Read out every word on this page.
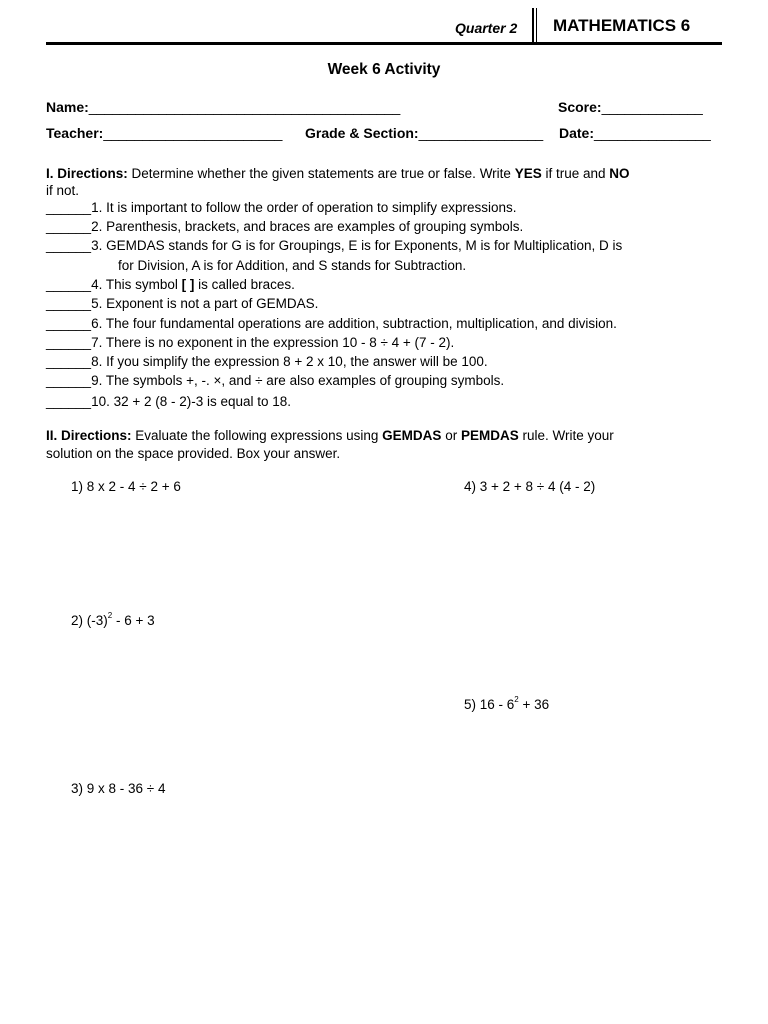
Quarter 2 MATHEMATICS 6
Week 6 Activity
Name:________________________________________	Score:_____________
Teacher:_______________________ Grade & Section:________________ Date:_______________
I. Directions: Determine whether the given statements are true or false. Write YES if true and NO
if not.
______1. It is important to follow the order of operation to simplify expressions.
______2. Parenthesis, brackets, and braces are examples of grouping symbols.
______3. GEMDAS stands for G is for Groupings, E is for Exponents, M is for Multiplication, D is
for Division, A is for Addition, and S stands for Subtraction.
______4. This symbol [ ] is called braces.
______5. Exponent is not a part of GEMDAS.
______6. The four fundamental operations are addition, subtraction, multiplication, and division.
______7. There is no exponent in the expression 10 - 8 ÷ 4 + (7 - 2).
______8. If you simplify the expression 8 + 2 x 10, the answer will be 100.
______9. The symbols +, -. ×, and ÷ are also examples of grouping symbols.
______10. 32 + 2 (8 - 2)-3 is equal to 18.
II. Directions: Evaluate the following expressions using GEMDAS or PEMDAS rule. Write your
solution on the space provided. Box your answer.
1) 8 x 2 - 4 ÷ 2 + 6	4) 3 + 2 + 8 ÷ 4 (4 - 2)
2) $(-3)^2 - 6 + 3$
5) $16 - 6^2 + 36$
3) 9 x 8 - 36 ÷ 4
